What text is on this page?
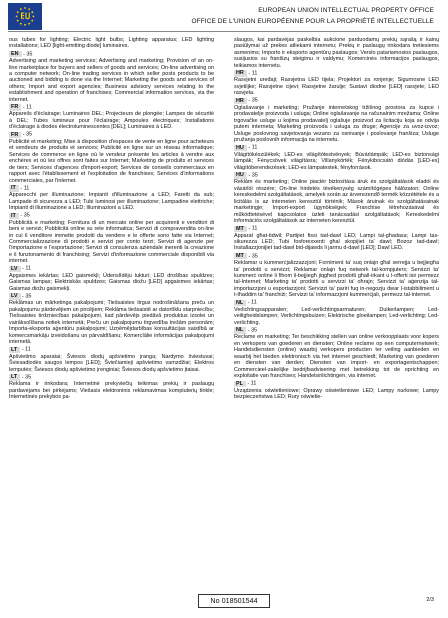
EUROPEAN UNION INTELLECTUAL PROPERTY OFFICE
OFFICE DE L'UNION EUROPÉENNE POUR LA PROPRIÉTÉ INTELLECTUELLE
ous tubes for lighting; Electric light bulbs; Lighting apparatus; LED lighting installations; LED [light-emitting diode] luminaires.
EN - 35
Advertising and marketing services; Advertising and marketing; Provision of an on-line marketplace for buyers and sellers of goods and services; On-line advertising on a computer network; On-line trading services in which seller posts products to be auctioned and bidding is done via the Internet; Marketing the goods and services of others; Import and export agencies; Business advisory services relating to the establishment and operation of franchises; Commercial information services, via the internet.
FR - 11
Appareils d'éclairage; Luminaires DEL; Projecteurs de plongée; Lampes de sécurité à DEL; Tubes lumineux pour l'éclairage; Ampoules électriques; Installations d'éclairage à diodes électroluminescentes [DEL]; Luminaires à LED.
FR - 35
Publicité et marketing; Mise à disposition d'espaces de vente en ligne pour acheteurs et vendeurs de produits et services; Publicité en ligne sur un réseau informatique; Services de commerce en ligne où le vendeur présente les articles à vendre aux enchères et où les offres sont faites sur Internet; Marketing de produits et services de tiers; Services d'agences d'import-export; Services de conseils commerciaux en rapport avec l'établissement et l'exploitation de franchises; Services d'informations commerciales, par l'internet.
IT - 11
Apparecchi per illuminazione; Impianti d'illuminazione a LED; Faretti da sub; Lampade di sicurezza a LED; Tubi luminosi per illuminazione; Lampadine elettriche; Impianti di illuminazione a LED; Illuminazioni a LED.
IT - 35
Pubblicità e marketing; Fornitura di un mercato online per acquirenti e venditori di beni e servizi; Pubblicità online su rete informatica; Servizi di compravendita on-line in cui il venditore immette prodotti da vendere e le offerte sono fatte via Internet; Commercializzazione di prodotti e servizi per conto terzi; Servizi di agenzie per l'importazione e l'esportazione; Servizi di consulenza aziendale inerenti la creazione e il funzionamento di franchising; Servizi d'informazione commerciale disponibili via internet.
LV - 11
Apgaismes iekārtas; LED gaismekļi; Ūdenslīdēju lukturi; LED drošības spuldzes; Gaismas lampas; Elektriskās spuldzes; Gaismas diožu [LED] apgaismes iekārtas; Gaismas diožu gaismekļi.
LV - 35
Reklāmas un mārketinga pakalpojumi; Tiešsaistes tirgus nodrošināšana preču un pakalpojumu pārdevējiem un pircējiem; Reklāma tiešsaistē ar datortīklu starpniecību; Tiešsaistes tirdzniecības pakalpojumi, kad pārdevējs piedāvā produktus izsolei un vairāksolīšana notiek internetā; Preču un pakalpojumu tirgvedība trešām personām; Importa-eksporta aģentūru pakalpojumi; Uzņēmējdarbības konsultācijas saistībā ar komercsmarkāju izveidošanu un pārvaldīšanu; Komercīālie informācijas pakalpojumi internetā.
LT - 11
Apšvietimo aparatai; Šviesos diodų apšvietimo įranga; Nardymo šviestuvai; Šviesadiodės saugos lempos [LED]; Šviečiamieji apšvietimo vamzdžiai; Elektros lemputės; Šviesos diodų apšvietimo įrenginiai; Šviesos diodų apšvietimo įtaisai.
LT - 35
Reklama ir rinkodara; Internetinė prekyviečių teikimas prekių ir paslaugų pardavėjams bei pirkėjams; Viešasis elektroninis reklamavimas kompiuterių tinkle; Internetinės prekybos pa-
slaugos, kai pardavėjas paskelbia aukcione parduodamų prekių sąrašą ir kainų pasiūlymai už prekes atliekami internetu; Prekių ir paslaugų rinkodara tretiesiems asmenims; Importo ir eksporto agentūrų paslaugos; Verslo patariamosios paslaugos, susijusios su franšizų steigimu ir valdymu; Komercinės informacijos paslaugos, teikiamos internetu.
HR - 11
Rasvjetni uređaji; Rasvjetna LED tijela; Projektori za ronjenje; Sigurnosne LED svjetiljke; Rasvjetne cijevi; Rasvjetne žarulje; Sustavi diodne [LED] rasvjete; LED rasvjeta.
HR - 35
Oglašavanje i marketing; Pružanje internetskog tržišnog prostora za kupce i prodavatelje proizvoda i usluga; Online oglašavanje na računalnim mrežama; Online trgovačke usluge u kojima prodavatelj oglašuje proizvod za licitaciju koja se odvija putem interneta; Marketing proizvoda i usluga za druge; Agencije za uvoz-izvoz; Usluge poslovnog savjetovanja vezano za osnivanje i poslovanje franšiza; Usluge pružanja poslovnih informacija na internetu.
HU - 11
Világítókészülékek; LED-es világítótestvények; Búvárlámpák; LED-es biztonsági lámpák; Fénycsövek világításra; Villanykörték; Fénykibocsátó diódás [LED-es] világítóberendezések; LED-es lámpatestek, fényforrások.
HU - 35
Reklám és marketing; Online piactér biztosítása áruk és szolgáltatások eladói és vásárlói részére; On-line hirdetés tévékenység számítógépes hálózaton; Online kereskedelmi szolgáltatások, amelyek során az árverezendő termék közzététele és a licitálás is az interneten keresztül történik; Mások áruinak és szolgáltatásainak marketingje; Import-export ügynökségek; Franchise létrehozásával és működtetésével kapcsolatos üzleti tanácsadási szolgáltatások; Kereskedelmi információs szolgáltatások az interneten keresztül.
MT - 11
Apparat għat-tidwil; Partijiet fissi tad-dawl LED; Lampi tal-għadasa; Lampi tas-sikurezza LED; Tubi fosforexxenti għal skopijiet ta' dawl; Bozoz tad-dawl; Installazzjonijiet tad-dawl bid-dijawds li jarmu d-dawl [LED]; Dawl LED.
MT - 35
Reklamar u kummerċjalizzazzjoni; Forniment ta' suq onlajn għal xerrejja u bejjiegħa ta' prodotti u servizzi; Reklamar onlajn fuq network tal-kompjuters; Servizzi ta' kummerċ online li fihom il-bejjiegħ jiqgħed prodotti għall-irkant u l-offerti isir permezz tal-Internet; Marketing ta' prodotti u servizzi ta' oħrajn; Servizzi ta' aġenzija tal-importazzjoni u esportazzjoni; Servizzi ta' pariri fuq in-negozju dwar l-istabbiliment u t-tħaddim ta' franchiżi; Servizzi ta' informazzjoni kummerċjali, permezz tal-internet.
NL - 11
Verlichtingsapparaten; Led-verlichtingsarmaturen; Duikerlampen; Led-veiligheidslampen; Verlichtingsbuizen; Elektrische gloeilampen; Led-verlichting; Led-verlichting.
NL - 35
Reclame en marketing; Ter beschikking stellen van online verkoopplaats voor kopers en verkopers van goederen en diensten; Online reclame op een computernetwerk; Handelsdiensten (online) waarbij verkopers producten ter veiling aanbieden en waarbij het bieden elektronisch via het internet geschiedt; Marketing van goederen en diensten van derden; Diensten van import- en exportagentschappen; Commercieel-zakelijke bedrijfsadvisering met betrekking tot de oprichting en exploitatie van franchises; Handelsinlichtingen, via internet.
PL - 11
Urządzenia oświetleniowe; Oprawy oświetleniowe LED; Lampy nurkowe; Lampy bezpieczeństwa LED; Rury oświetle-
No 018501544	2/3
